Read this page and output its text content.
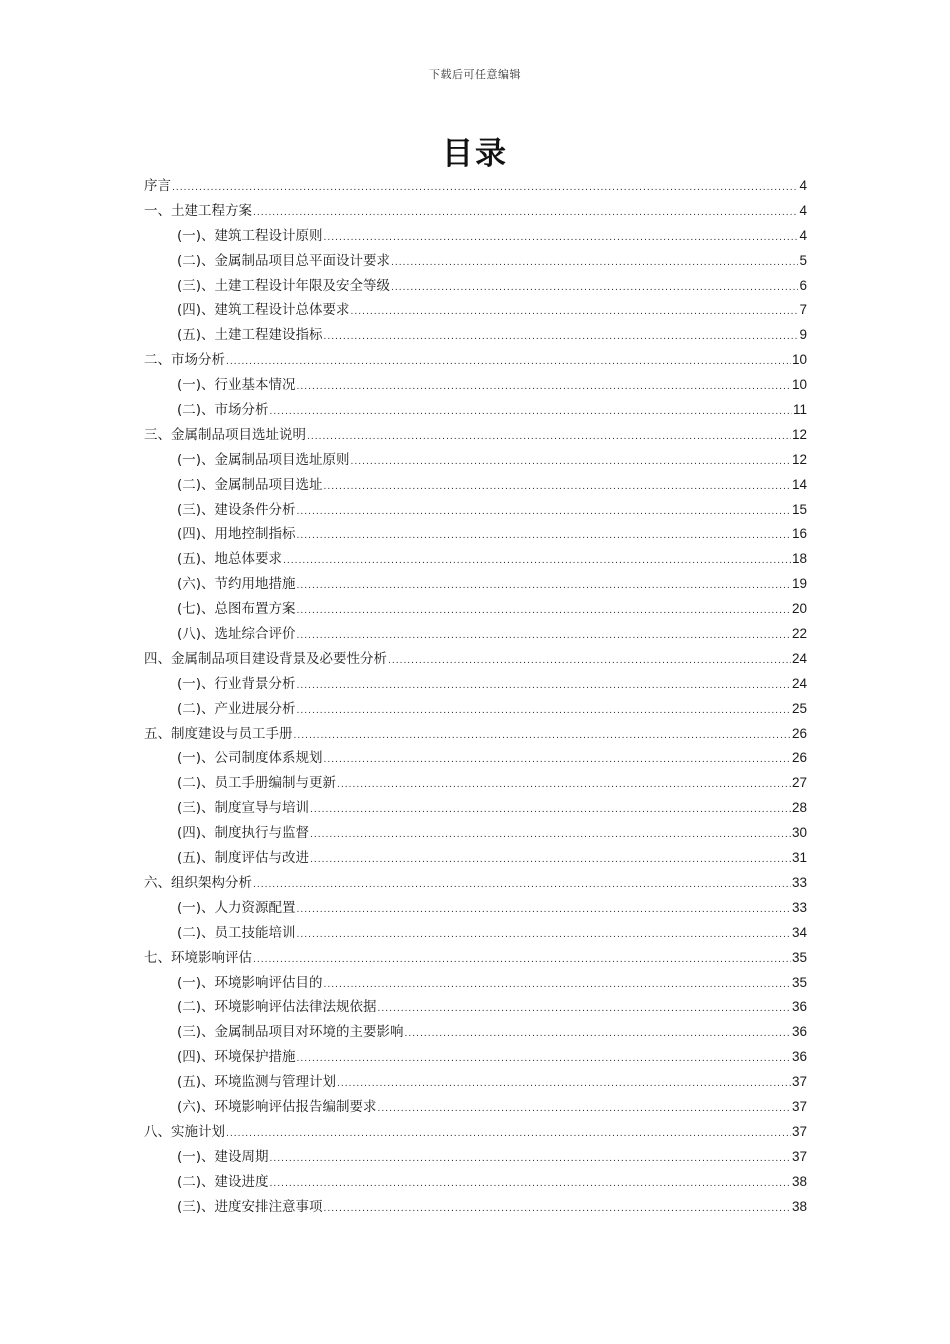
下载后可任意编辑
目录
序言 .....	4
一、土建工程方案 .....	4
(一)、建筑工程设计原则 .....	4
(二)、金属制品项目总平面设计要求 .....	5
(三)、土建工程设计年限及安全等级 .....	6
(四)、建筑工程设计总体要求 .....	7
(五)、土建工程建设指标 .....	9
二、市场分析 .....	10
(一)、行业基本情况 .....	10
(二)、市场分析 .....	11
三、金属制品项目选址说明 .....	12
(一)、金属制品项目选址原则 .....	12
(二)、金属制品项目选址 .....	14
(三)、建设条件分析 .....	15
(四)、用地控制指标 .....	16
(五)、地总体要求 .....	18
(六)、节约用地措施 .....	19
(七)、总图布置方案 .....	20
(八)、选址综合评价 .....	22
四、金属制品项目建设背景及必要性分析 .....	24
(一)、行业背景分析 .....	24
(二)、产业进展分析 .....	25
五、制度建设与员工手册 .....	26
(一)、公司制度体系规划 .....	26
(二)、员工手册编制与更新 .....	27
(三)、制度宣导与培训 .....	28
(四)、制度执行与监督 .....	30
(五)、制度评估与改进 .....	31
六、组织架构分析 .....	33
(一)、人力资源配置 .....	33
(二)、员工技能培训 .....	34
七、环境影响评估 .....	35
(一)、环境影响评估目的 .....	35
(二)、环境影响评估法律法规依据 .....	36
(三)、金属制品项目对环境的主要影响 .....	36
(四)、环境保护措施 .....	36
(五)、环境监测与管理计划 .....	37
(六)、环境影响评估报告编制要求 .....	37
八、实施计划 .....	37
(一)、建设周期 .....	37
(二)、建设进度 .....	38
(三)、进度安排注意事项 .....	38
